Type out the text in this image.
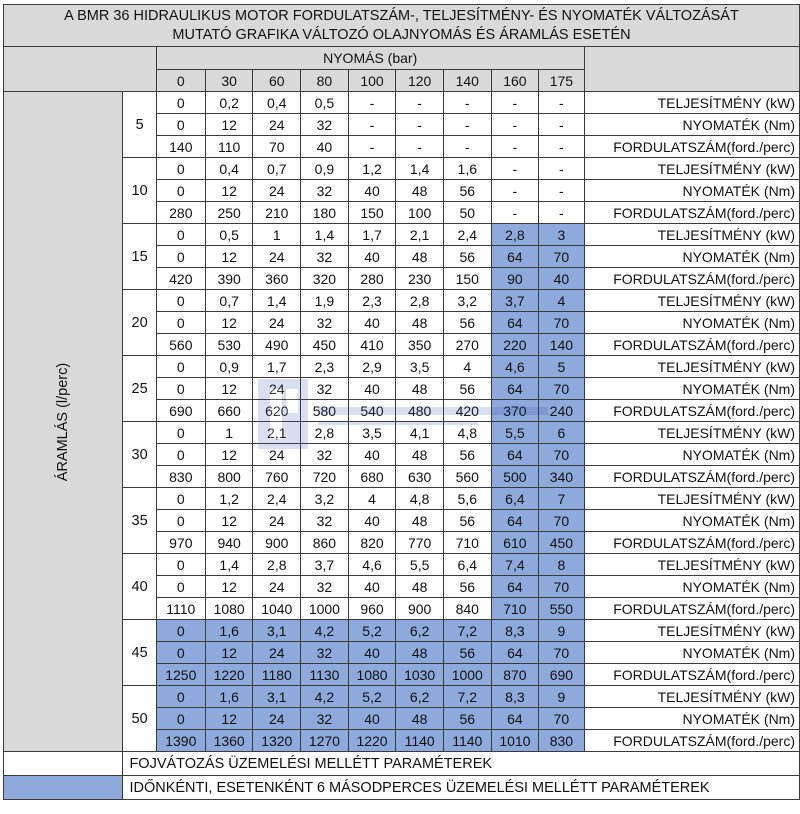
A BMR 36 HIDRAULIKUS MOTOR FORDULATSZÁM-, TELJESÍTMÉNY- ÉS NYOMATÉK VÁLTOZÁSÁT
MUTATÓ GRAFIKA VÁLTOZÓ OLAJNYOMÁS ÉS ÁRAMLÁS ESETÉN											

		NYOMÁS (bar)									
		0	30	60	80	100	120	140	160	175	
ÁRAMLÁS (l/perc)	5	0	0,2	0,4	0,5	-	-	-	-	-	TELJESÍTMÉNY (kW)
		0	12	24	32	-	-	-	-	-	NYOMATÉK (Nm)
		140	110	70	40	-	-	-	-	-	FORDULATSZÁM(ford./perc)
	10	0	0,4	0,7	0,9	1,2	1,4	1,6	-	-	TELJESÍTMÉNY (kW)
		0	12	24	32	40	48	56	-	-	NYOMATÉK (Nm)
		280	250	210	180	150	100	50	-	-	FORDULATSZÁM(ford./perc)
	15	0	0,5	1	1,4	1,7	2,1	2,4	2,8	3	TELJESÍTMÉNY (kW)
		0	12	24	32	40	48	56	64	70	NYOMATÉK (Nm)
		420	390	360	320	280	230	150	90	40	FORDULATSZÁM(ford./perc)
	20	0	0,7	1,4	1,9	2,3	2,8	3,2	3,7	4	TELJESÍTMÉNY (kW)
		0	12	24	32	40	48	56	64	70	NYOMATÉK (Nm)
		560	530	490	450	410	350	270	220	140	FORDULATSZÁM(ford./perc)
	25	0	0,9	1,7	2,3	2,9	3,5	4	4,6	5	TELJESÍTMÉNY (kW)
		0	12	24	32	40	48	56	64	70	NYOMATÉK (Nm)
		690	660	620	580	540	480	420	370	240	FORDULATSZÁM(ford./perc)
	30	0	1	2,1	2,8	3,5	4,1	4,8	5,5	6	TELJESÍTMÉNY (kW)
		0	12	24	32	40	48	56	64	70	NYOMATÉK (Nm)
		830	800	760	720	680	630	560	500	340	FORDULATSZÁM(ford./perc)
	35	0	1,2	2,4	3,2	4	4,8	5,6	6,4	7	TELJESÍTMÉNY (kW)
		0	12	24	32	40	48	56	64	70	NYOMATÉK (Nm)
		970	940	900	860	820	770	710	610	450	FORDULATSZÁM(ford./perc)
	40	0	1,4	2,8	3,7	4,6	5,5	6,4	7,4	8	TELJESÍTMÉNY (kW)
		0	12	24	32	40	48	56	64	70	NYOMATÉK (Nm)
		1110	1080	1040	1000	960	900	840	710	550	FORDULATSZÁM(ford./perc)
	45	0	1,6	3,1	4,2	5,2	6,2	7,2	8,3	9	TELJESÍTMÉNY (kW)
		0	12	24	32	40	48	56	64	70	NYOMATÉK (Nm)
		1250	1220	1180	1130	1080	1030	1000	870	690	FORDULATSZÁM(ford./perc)
	50	0	1,6	3,1	4,2	5,2	6,2	7,2	8,3	9	TELJESÍTMÉNY (kW)
		0	12	24	32	40	48	56	64	70	NYOMATÉK (Nm)
		1390	1360	1320	1270	1220	1140	1140	1010	830	FORDULATSZÁM(ford./perc)
	FOJVÁTOZÁS ÜZEMELÉSI MELLÉTT PARAMÉTEREK										
	IDŐNKÉNTI, ESETENKÉNT 6 MÁSODPERCES ÜZEMELÉSI MELLÉTT PARAMÉTEREK										
